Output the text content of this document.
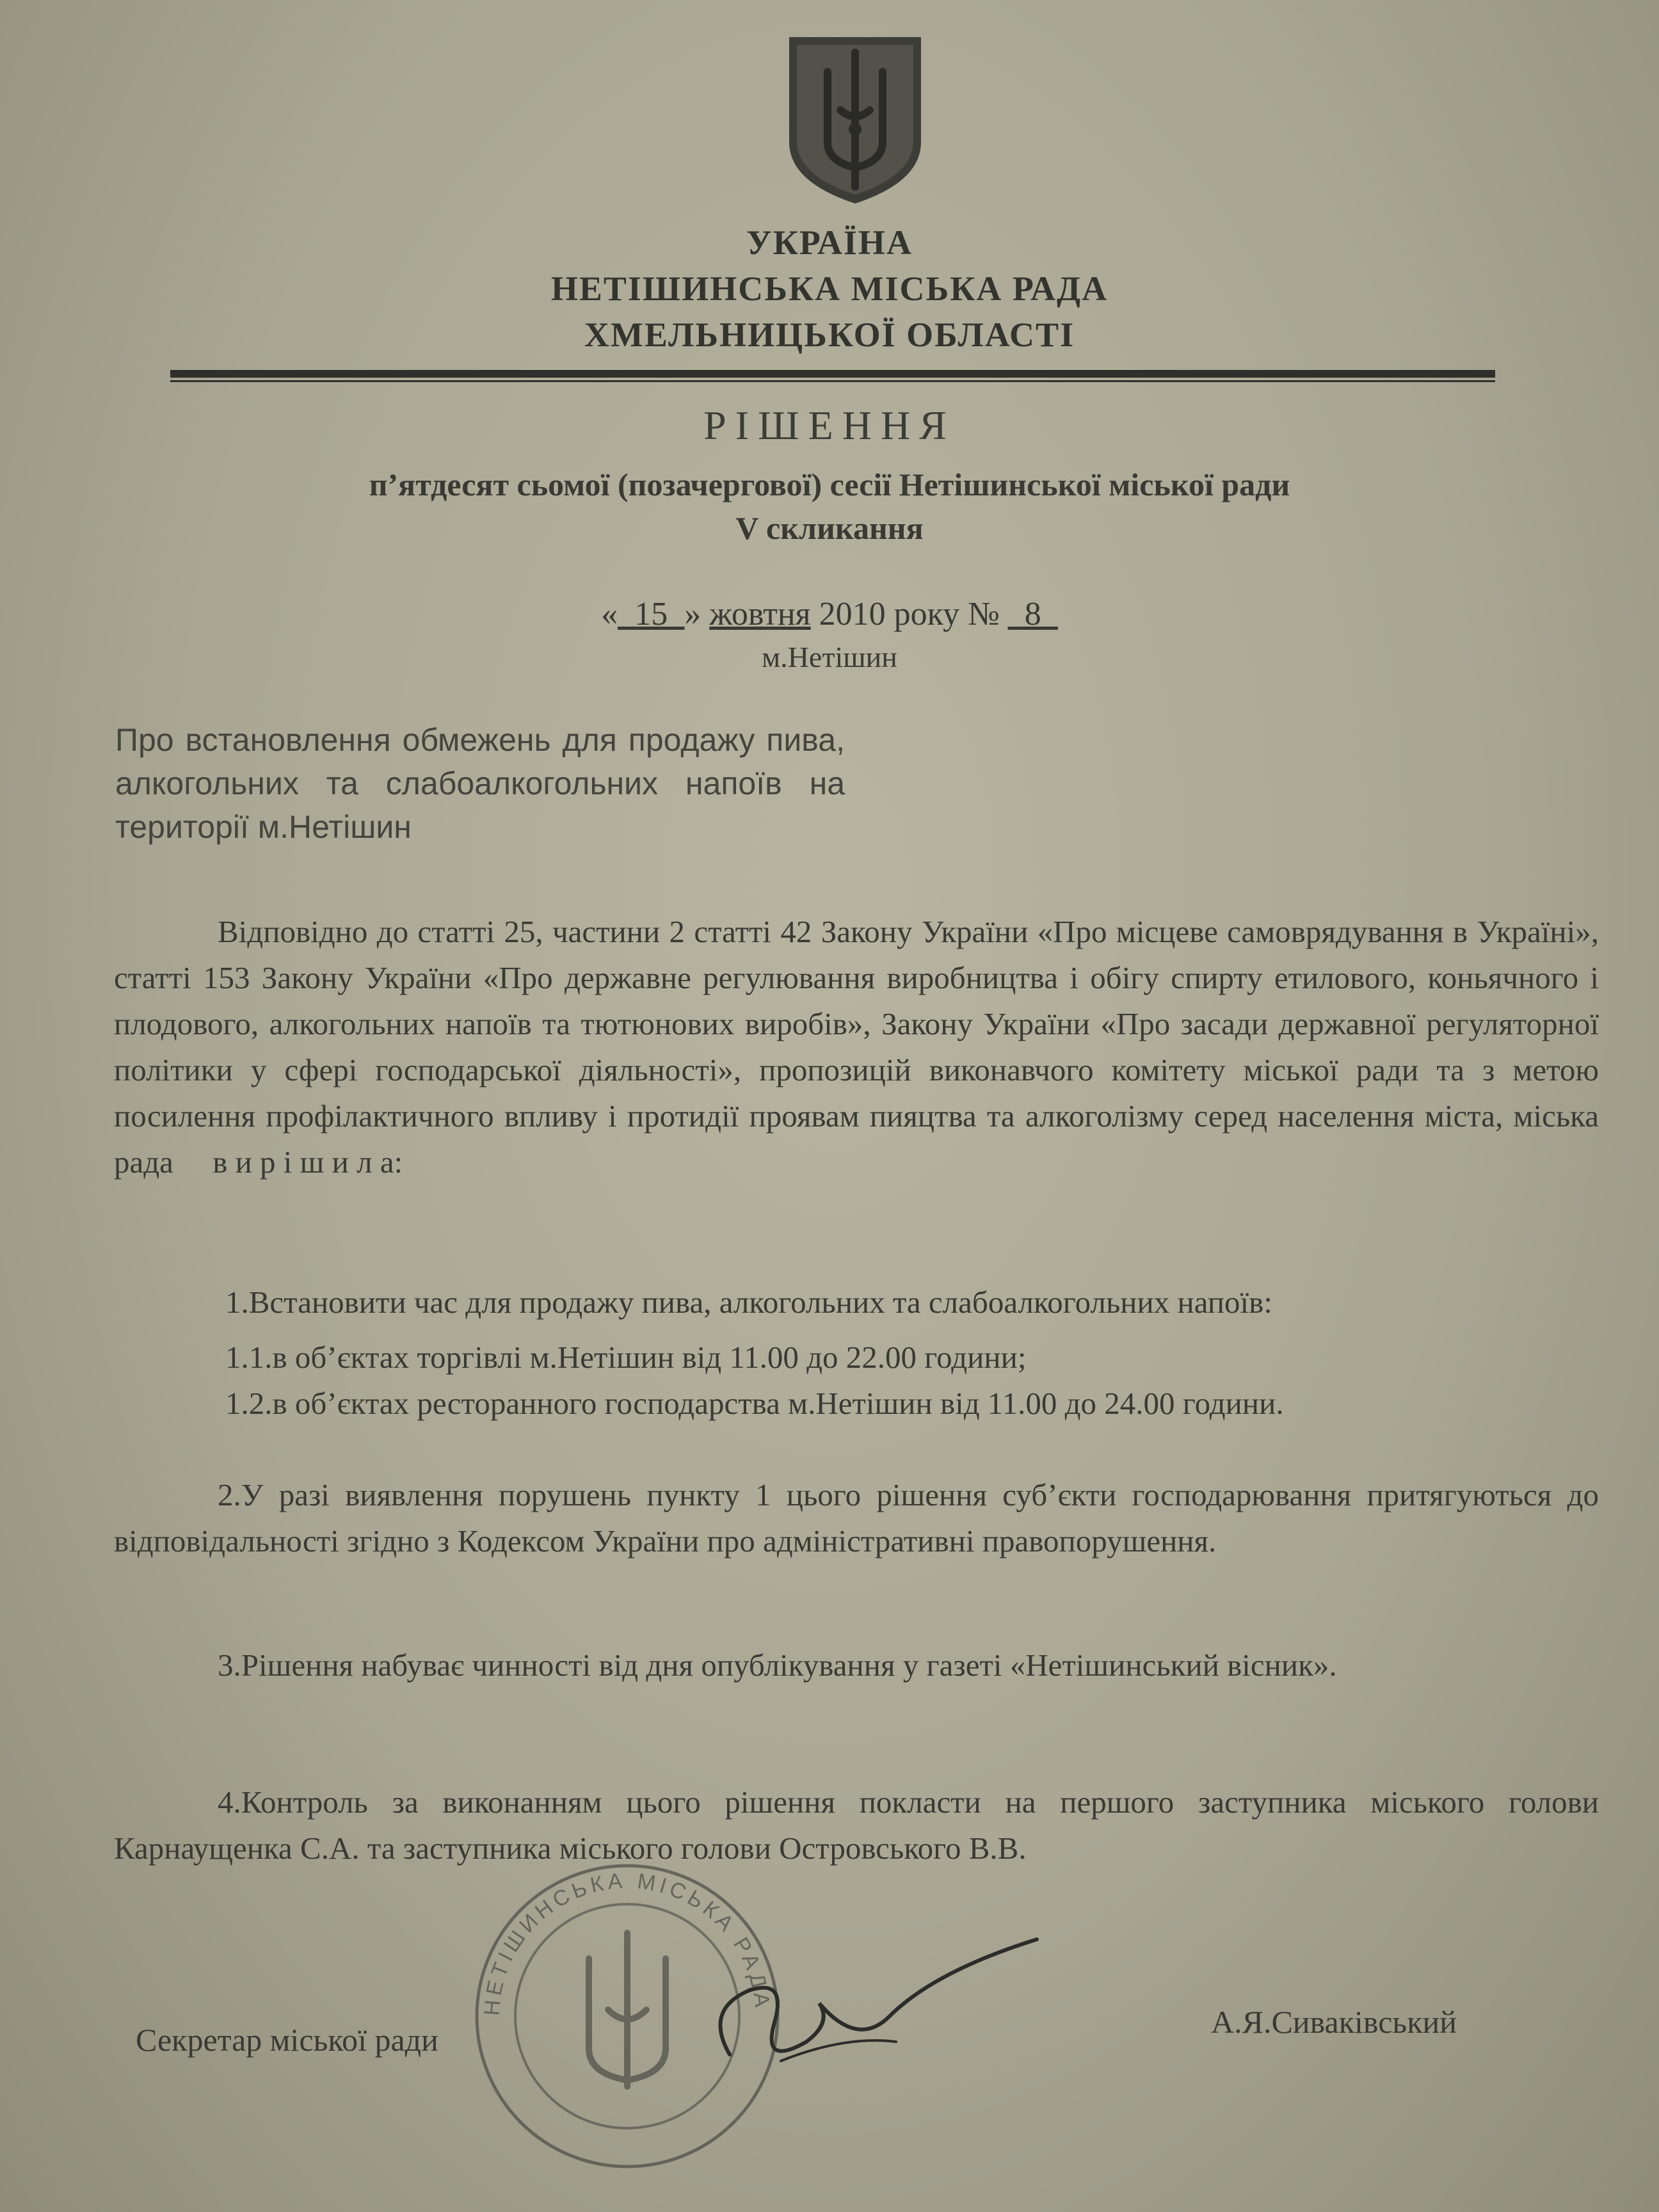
УКРАЇНА
НЕТІШИНСЬКА МІСЬКА РАДА
ХМЕЛЬНИЦЬКОЇ ОБЛАСТІ
РІШЕННЯ
п’ятдесят сьомої (позачергової) сесії Нетішинської міської ради
V скликання
«_15_» жовтня 2010 року № _8_
м.Нетішин
Про встановлення обмежень для продажу пива, алкогольних та слабоалкогольних напоїв на території м.Нетішин
Відповідно до статті 25, частини 2 статті 42 Закону України «Про місцеве самоврядування в Україні», статті 153 Закону України «Про державне регулювання виробництва і обігу спирту етилового, коньячного і плодового, алкогольних напоїв та тютюнових виробів», Закону України «Про засади державної регуляторної політики у сфері господарської діяльності», пропозицій виконавчого комітету міської ради та з метою посилення профілактичного впливу і протидії проявам пияцтва та алкоголізму серед населення міста, міська рада в и р і ш и л а:
1.Встановити час для продажу пива, алкогольних та слабоалкогольних напоїв:
1.1.в об’єктах торгівлі м.Нетішин від 11.00 до 22.00 години;
1.2.в об’єктах ресторанного господарства м.Нетішин від 11.00 до 24.00 години.
2.У разі виявлення порушень пункту 1 цього рішення суб’єкти господарювання притягуються до відповідальності згідно з Кодексом України про адміністративні правопорушення.
3.Рішення набуває чинності від дня опублікування у газеті «Нетішинський вісник».
4.Контроль за виконанням цього рішення покласти на першого заступника міського голови Карнаущенка С.А. та заступника міського голови Островського В.В.
НЕТІШИНСЬКА МІСЬКА РАДА
Секретар міської ради	А.Я.Сиваківський
